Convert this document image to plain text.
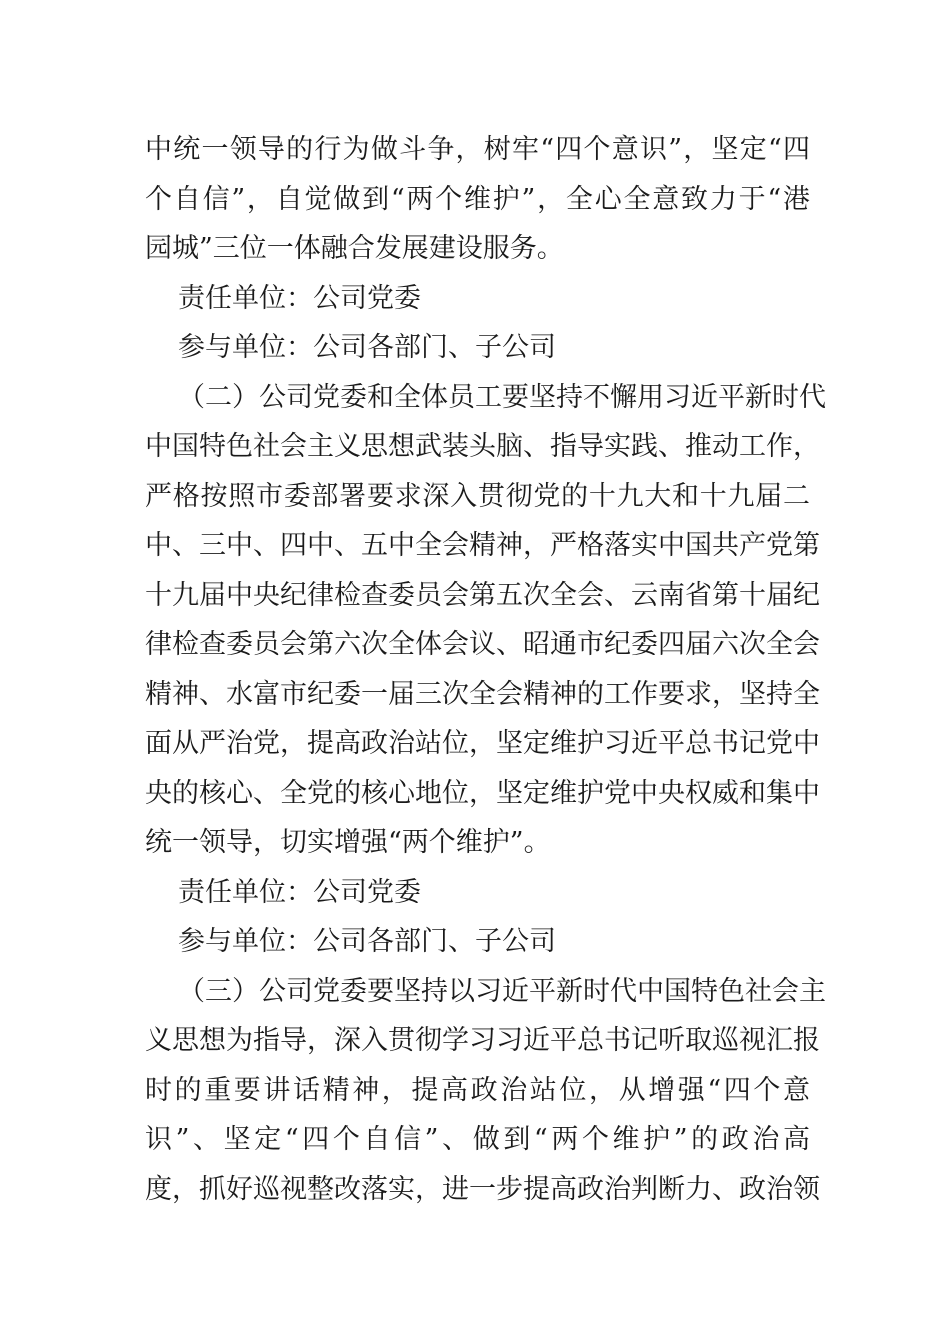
中统一领导的行为做斗争，树牢“四个意识”，坚定“四
个自信”，自觉做到“两个维护”，全心全意致力于“港
园城”三位一体融合发展建设服务。
责任单位：公司党委
参与单位：公司各部门、子公司
（二）公司党委和全体员工要坚持不懈用习近平新时代
中国特色社会主义思想武装头脑、指导实践、推动工作，
严格按照市委部署要求深入贯彻党的十九大和十九届二
中、三中、四中、五中全会精神，严格落实中国共产党第
十九届中央纪律检查委员会第五次全会、云南省第十届纪
律检查委员会第六次全体会议、昭通市纪委四届六次全会
精神、水富市纪委一届三次全会精神的工作要求，坚持全
面从严治党，提高政治站位，坚定维护习近平总书记党中
央的核心、全党的核心地位，坚定维护党中央权威和集中
统一领导，切实增强“两个维护”。
责任单位：公司党委
参与单位：公司各部门、子公司
（三）公司党委要坚持以习近平新时代中国特色社会主
义思想为指导，深入贯彻学习习近平总书记听取巡视汇报
时的重要讲话精神，提高政治站位，从增强“四个意
识”、坚定“四个自信”、做到“两个维护”的政治高
度，抓好巡视整改落实，进一步提高政治判断力、政治领
